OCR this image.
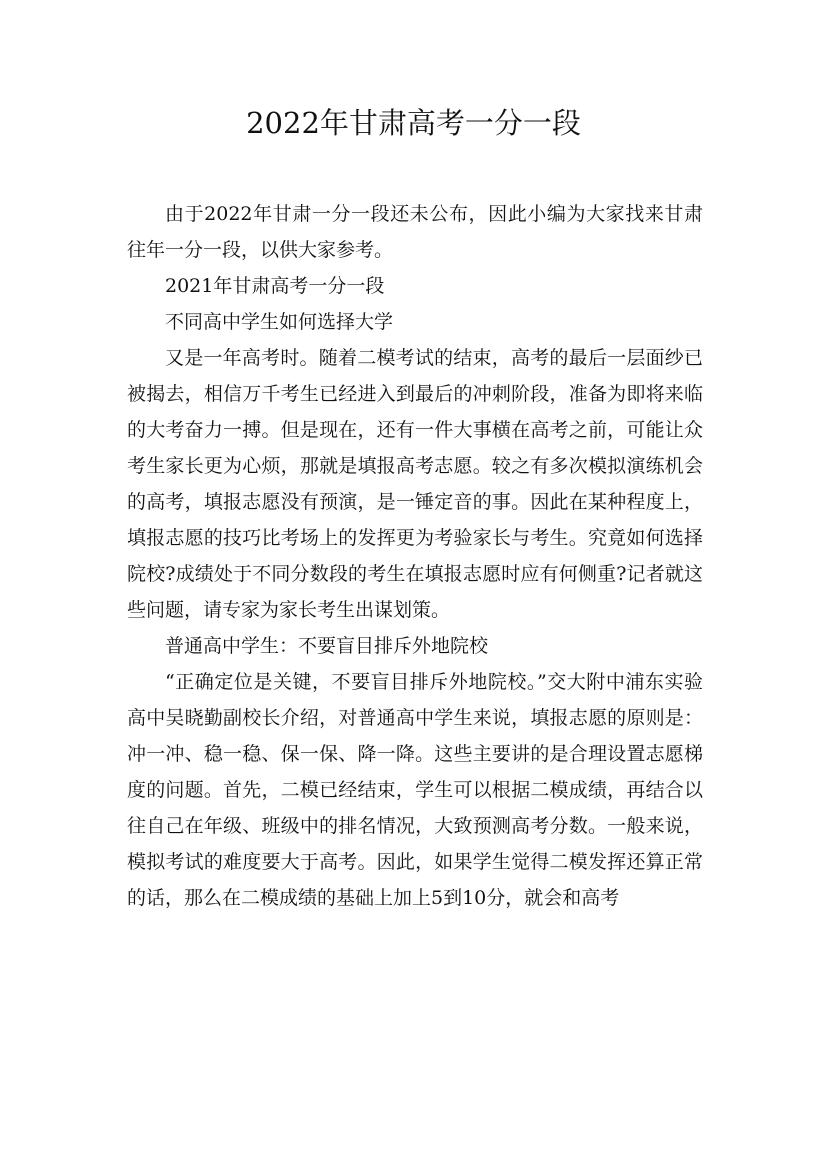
2022年甘肃高考一分一段

由于2022年甘肃一分一段还未公布，因此小编为大家找来甘肃往年一分一段，以供大家参考。

2021年甘肃高考一分一段

不同高中学生如何选择大学

又是一年高考时。随着二模考试的结束，高考的最后一层面纱已被揭去，相信万千考生已经进入到最后的冲刺阶段，准备为即将来临的大考奋力一搏。但是现在，还有一件大事横在高考之前，可能让众考生家长更为心烦，那就是填报高考志愿。较之有多次模拟演练机会的高考，填报志愿没有预演，是一锤定音的事。因此在某种程度上，填报志愿的技巧比考场上的发挥更为考验家长与考生。究竟如何选择院校?成绩处于不同分数段的考生在填报志愿时应有何侧重?记者就这些问题，请专家为家长考生出谋划策。

普通高中学生：不要盲目排斥外地院校

“正确定位是关键，不要盲目排斥外地院校。”交大附中浦东实验高中吴晓勤副校长介绍，对普通高中学生来说，填报志愿的原则是：冲一冲、稳一稳、保一保、降一降。这些主要讲的是合理设置志愿梯度的问题。首先，二模已经结束，学生可以根据二模成绩，再结合以往自己在年级、班级中的排名情况，大致预测高考分数。一般来说，模拟考试的难度要大于高考。因此，如果学生觉得二模发挥还算正常的话，那么在二模成绩的基础上加上5到10分，就会和高考
